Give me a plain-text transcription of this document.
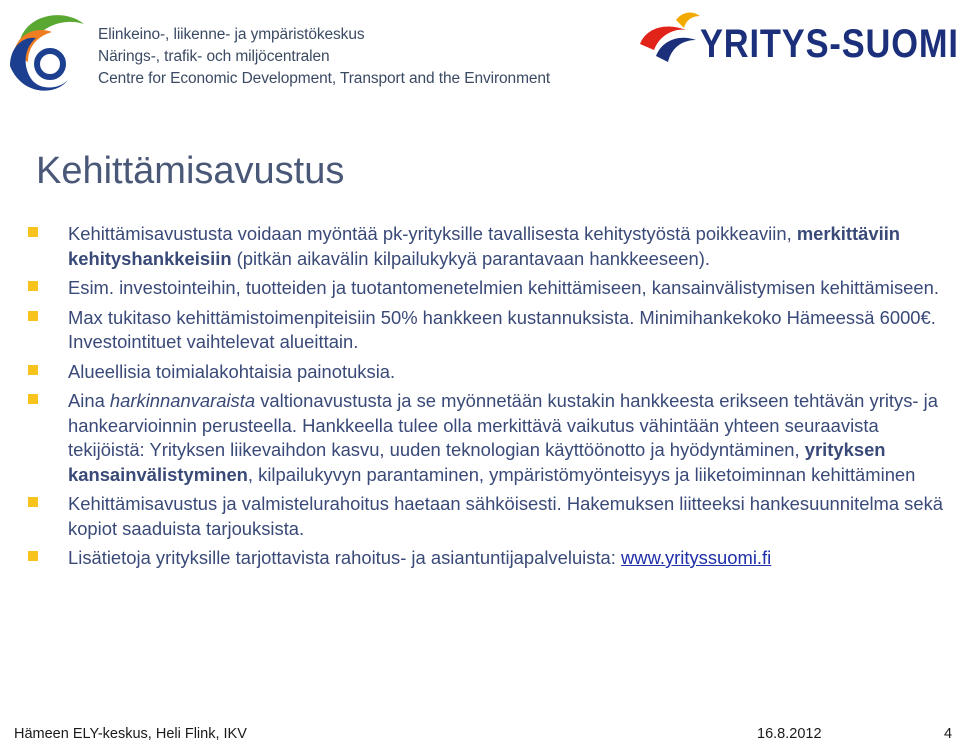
Elinkeino-, liikenne- ja ympäristökeskus
Närings-, trafik- och miljöcentralen
Centre for Economic Development, Transport and the Environment
YRITYS-SUOMI
Kehittämisavustus
Kehittämisavustusta voidaan myöntää pk-yrityksille tavallisesta kehitystyöstä poikkeaviin, merkittäviin kehityshankkeisiin (pitkän aikavälin kilpailukykyä parantavaan hankkeeseen).
Esim. investointeihin, tuotteiden ja tuotantomenetelmien kehittämiseen, kansainvälistymisen kehittämiseen.
Max tukitaso kehittämistoimenpiteisiin 50% hankkeen kustannuksista. Minimihankekoko Hämeessä 6000€. Investointituet vaihtelevat alueittain.
Alueellisia toimialakohtaisia painotuksia.
Aina harkinnanvaraista valtionavustusta ja se myönnetään kustakin hankkeesta erikseen tehtävän yritys- ja hankearvioinnin perusteella. Hankkeella tulee olla merkittävä vaikutus vähintään yhteen seuraavista tekijöistä: Yrityksen liikevaihdon kasvu, uuden teknologian käyttöönotto ja hyödyntäminen, yrityksen kansainvälistyminen, kilpailukyvyn parantaminen, ympäristömyönteisyys ja liiketoiminnan kehittäminen
Kehittämisavustus ja valmistelurahoitus haetaan sähköisesti. Hakemuksen liitteeksi hankesuunnitelma sekä kopiot saaduista tarjouksista.
Lisätietoja yrityksille tarjottavista rahoitus- ja asiantuntijapalveluista: www.yrityssuomi.fi
Hämeen ELY-keskus, Heli Flink, IKV	16.8.2012	4
